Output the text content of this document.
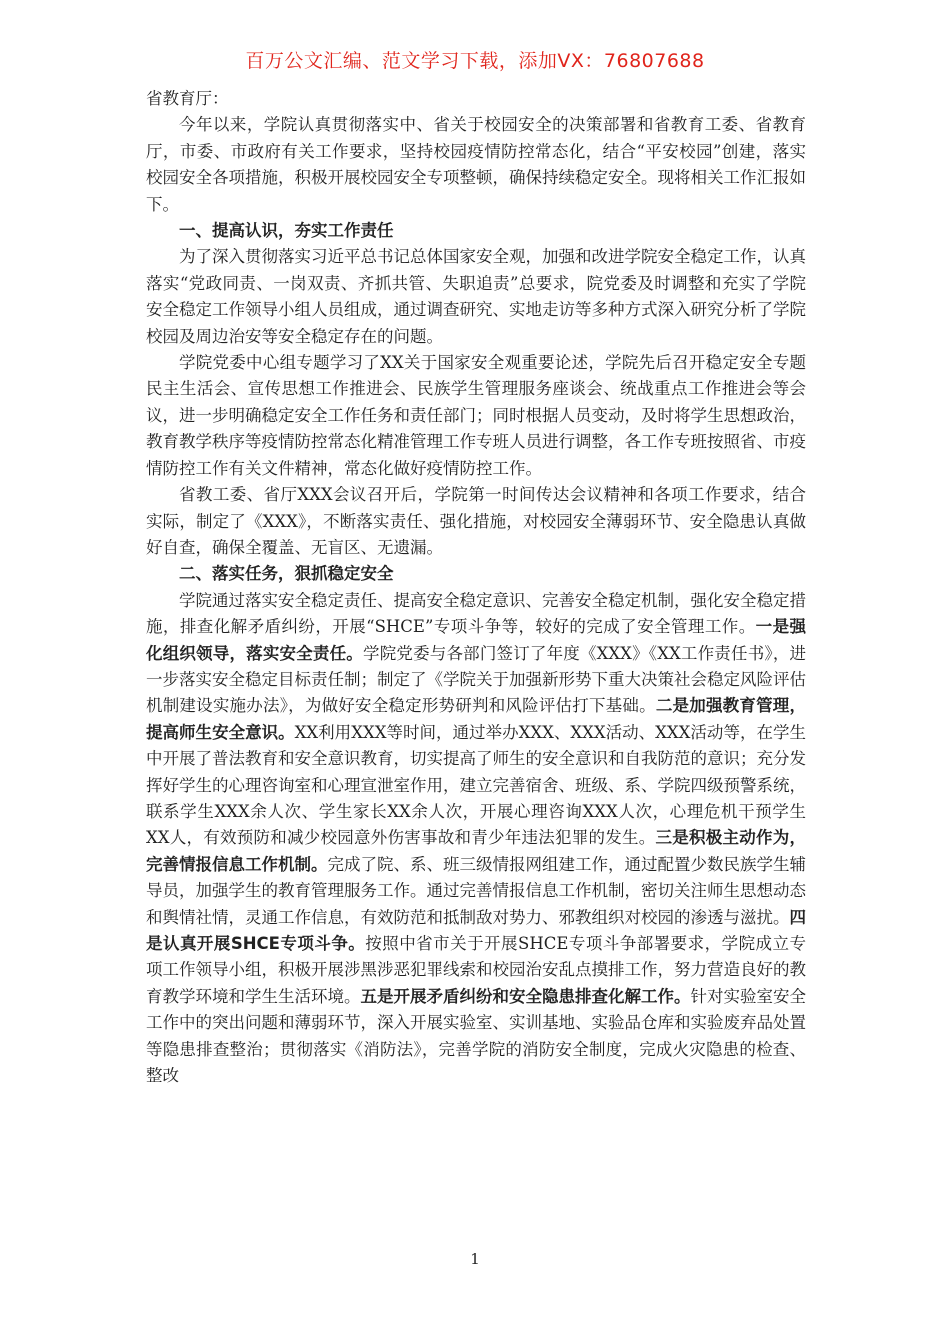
百万公文汇编、范文学习下载，添加VX：76807688

省教育厅：

今年以来，学院认真贯彻落实中、省关于校园安全的决策部署和省教育工委、省教育厅，市委、市政府有关工作要求，坚持校园疫情防控常态化，结合“平安校园”创建，落实校园安全各项措施，积极开展校园安全专项整顿，确保持续稳定安全。现将相关工作汇报如下。

一、提高认识，夯实工作责任

为了深入贯彻落实习近平总书记总体国家安全观，加强和改进学院安全稳定工作，认真落实“党政同责、一岗双责、齐抓共管、失职追责”总要求，院党委及时调整和充实了学院安全稳定工作领导小组人员组成，通过调查研究、实地走访等多种方式深入研究分析了学院校园及周边治安等安全稳定存在的问题。

学院党委中心组专题学习了XX关于国家安全观重要论述，学院先后召开稳定安全专题民主生活会、宣传思想工作推进会、民族学生管理服务座谈会、统战重点工作推进会等会议，进一步明确稳定安全工作任务和责任部门；同时根据人员变动，及时将学生思想政治，教育教学秩序等疫情防控常态化精准管理工作专班人员进行调整，各工作专班按照省、市疫情防控工作有关文件精神，常态化做好疫情防控工作。

省教工委、省厅XXX会议召开后，学院第一时间传达会议精神和各项工作要求，结合实际，制定了《XXX》，不断落实责任、强化措施，对校园安全薄弱环节、安全隐患认真做好自查，确保全覆盖、无盲区、无遗漏。

二、落实任务，狠抓稳定安全

学院通过落实安全稳定责任、提高安全稳定意识、完善安全稳定机制，强化安全稳定措施，排查化解矛盾纠纷，开展“SHCE”专项斗争等，较好的完成了安全管理工作。一是强化组织领导，落实安全责任。学院党委与各部门签订了年度《XXX》《XX工作责任书》，进一步落实安全稳定目标责任制；制定了《学院关于加强新形势下重大决策社会稳定风险评估机制建设实施办法》，为做好安全稳定形势研判和风险评估打下基础。二是加强教育管理，提高师生安全意识。XX利用XXX等时间，通过举办XXX、XXX活动、XXX活动等，在学生中开展了普法教育和安全意识教育，切实提高了师生的安全意识和自我防范的意识；充分发挥好学生的心理咨询室和心理宣泄室作用，建立完善宿舍、班级、系、学院四级预警系统，联系学生XXX余人次、学生家长XX余人次，开展心理咨询XXX人次，心理危机干预学生XX人，有效预防和减少校园意外伤害事故和青少年违法犯罪的发生。三是积极主动作为，完善情报信息工作机制。完成了院、系、班三级情报网组建工作，通过配置少数民族学生辅导员，加强学生的教育管理服务工作。通过完善情报信息工作机制，密切关注师生思想动态和舆情社情，灵通工作信息，有效防范和抵制敌对势力、邪教组织对校园的渗透与滋扰。四是认真开展SHCE专项斗争。按照中省市关于开展SHCE专项斗争部署要求，学院成立专项工作领导小组，积极开展涉黑涉恶犯罪线索和校园治安乱点摸排工作，努力营造良好的教育教学环境和学生生活环境。五是开展矛盾纠纷和安全隐患排查化解工作。针对实验室安全工作中的突出问题和薄弱环节，深入开展实验室、实训基地、实验品仓库和实验废弃品处置等隐患排查整治；贯彻落实《消防法》，完善学院的消防安全制度，完成火灾隐患的检查、整改

1
